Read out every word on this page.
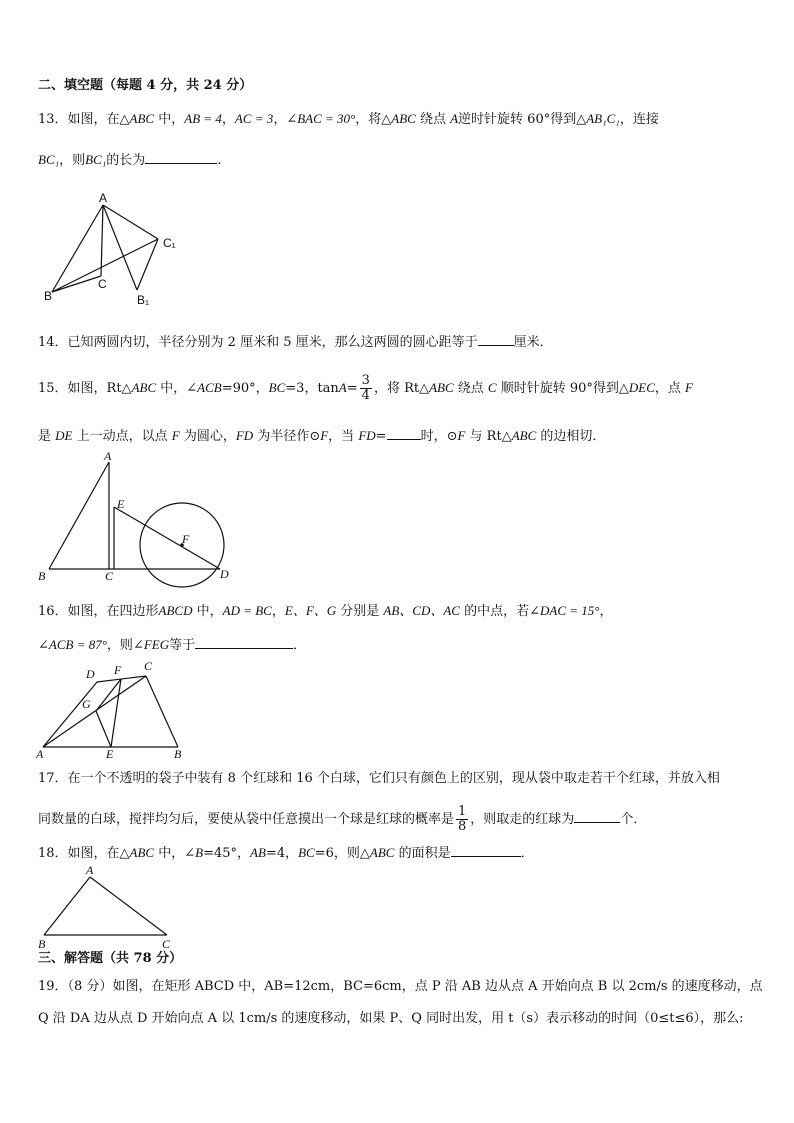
二、填空题（每题 4 分，共 24 分）
13．如图，在△ABC 中，AB = 4，AC = 3，∠BAC = 30°，将△ABC 绕点 A逆时针旋转 60°得到△AB₁C₁，连接
BC₁，则BC₁的长为	.
A
C₁
C
B	B₁
14．已知两圆内切，半径分别为 2 厘米和 5 厘米，那么这两圆的圆心距等于	厘米．
15．如图，Rt△ABC 中，∠ACB=90°，BC=3，$\tan A= \frac{3}{4}$ ，将 Rt△ABC 绕点 C 顺时针旋转 90°得到△DEC，点 F
是 DE 上一动点，以点 F 为圆心，FD 为半径作⊙F，当 FD=	时，⊙F 与 Rt△ABC 的边相切．
A
E
F
B	C	D
16．如图，在四边形ABCD 中，AD = BC，E、F、G 分别是 AB、CD、AC 的中点，若∠DAC = 15°，
∠ACB = 87°，则∠FEG等于	．
D F C
G
A	E	B
17．在一个不透明的袋子中装有 8 个红球和 16 个白球，它们只有颜色上的区别，现从袋中取走若干个红球，并放入相
同数量的白球，搅拌均匀后，要使从袋中任意摸出一个球是红球的概率是 $\frac{1}{8}$ ，则取走的红球为	个．
18．如图，在△ABC 中，∠B=45°，AB=4，BC=6，则△ABC 的面积是	．
A
B	C
三、解答题（共 78 分）
19．（8 分）如图，在矩形 ABCD 中，AB=12cm，BC=6cm，点 P 沿 AB 边从点 A 开始向点 B 以 2cm/s 的速度移动，点
Q 沿 DA 边从点 D 开始向点 A 以 1cm/s 的速度移动，如果 P、Q 同时出发，用 t（s）表示移动的时间（0≤t≤6），那么:
